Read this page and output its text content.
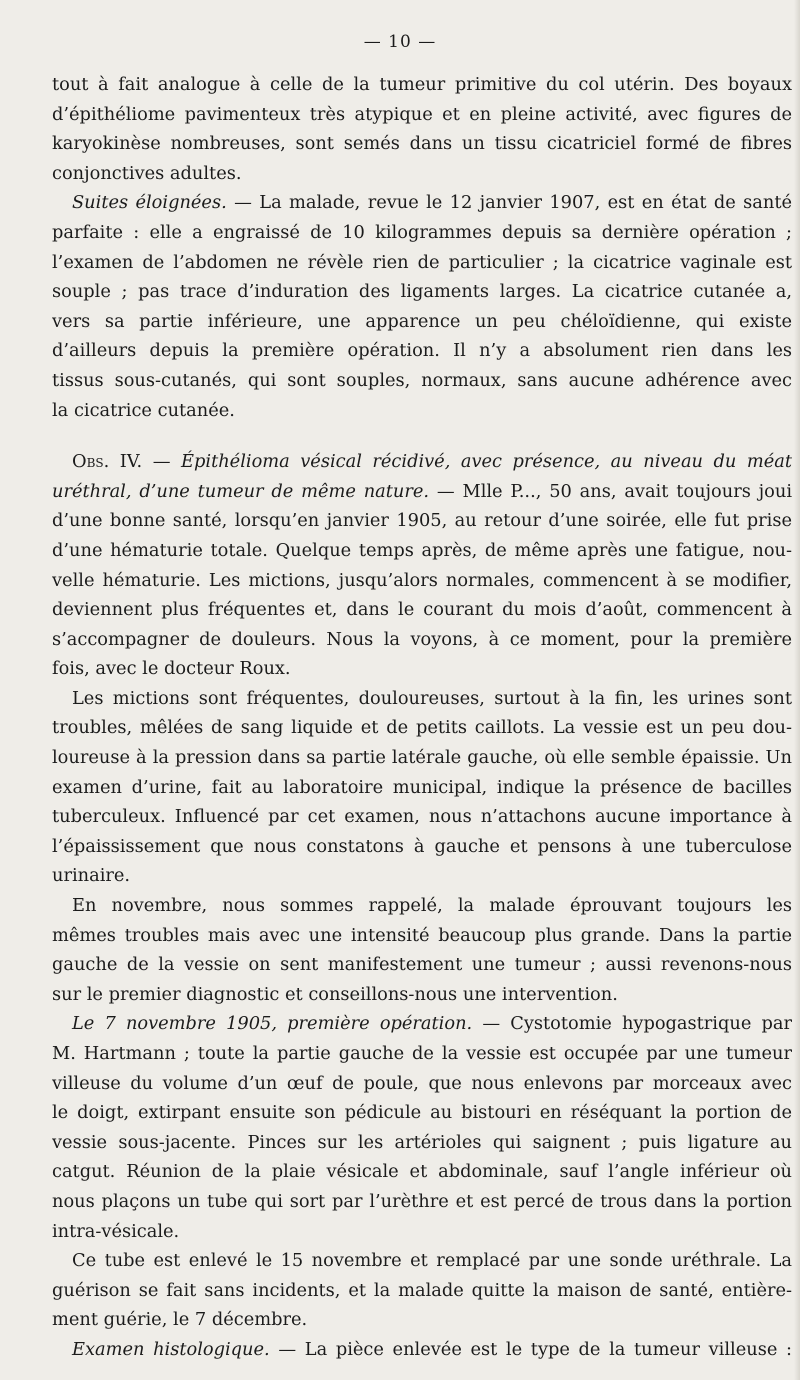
— 10 —
tout à fait analogue à celle de la tumeur primitive du col utérin. Des boyaux
d’épithéliome pavimenteux très atypique et en pleine activité, avec figures de
karyokinèse nombreuses, sont semés dans un tissu cicatriciel formé de fibres
conjonctives adultes.
Suites éloignées. — La malade, revue le 12 janvier 1907, est en état de santé
parfaite : elle a engraissé de 10 kilogrammes depuis sa dernière opération ;
l’examen de l’abdomen ne révèle rien de particulier ; la cicatrice vaginale est
souple ; pas trace d’induration des ligaments larges. La cicatrice cutanée a,
vers sa partie inférieure, une apparence un peu chéloïdienne, qui existe
d’ailleurs depuis la première opération. Il n’y a absolument rien dans les
tissus sous-cutanés, qui sont souples, normaux, sans aucune adhérence avec
la cicatrice cutanée.
Obs. IV. — Épithélioma vésical récidivé, avec présence, au niveau du méat
uréthral, d’une tumeur de même nature. — Mlle P..., 50 ans, avait toujours joui
d’une bonne santé, lorsqu’en janvier 1905, au retour d’une soirée, elle fut prise
d’une hématurie totale. Quelque temps après, de même après une fatigue, nou-
velle hématurie. Les mictions, jusqu’alors normales, commencent à se modifier,
deviennent plus fréquentes et, dans le courant du mois d’août, commencent à
s’accompagner de douleurs. Nous la voyons, à ce moment, pour la première
fois, avec le docteur Roux.
Les mictions sont fréquentes, douloureuses, surtout à la fin, les urines sont
troubles, mêlées de sang liquide et de petits caillots. La vessie est un peu dou-
loureuse à la pression dans sa partie latérale gauche, où elle semble épaissie. Un
examen d’urine, fait au laboratoire municipal, indique la présence de bacilles
tuberculeux. Influencé par cet examen, nous n’attachons aucune importance à
l’épaississement que nous constatons à gauche et pensons à une tuberculose
urinaire.
En novembre, nous sommes rappelé, la malade éprouvant toujours les
mêmes troubles mais avec une intensité beaucoup plus grande. Dans la partie
gauche de la vessie on sent manifestement une tumeur ; aussi revenons-nous
sur le premier diagnostic et conseillons-nous une intervention.
Le 7 novembre 1905, première opération. — Cystotomie hypogastrique par
M. Hartmann ; toute la partie gauche de la vessie est occupée par une tumeur
villeuse du volume d’un œuf de poule, que nous enlevons par morceaux avec
le doigt, extirpant ensuite son pédicule au bistouri en réséquant la portion de
vessie sous-jacente. Pinces sur les artérioles qui saignent ; puis ligature au
catgut. Réunion de la plaie vésicale et abdominale, sauf l’angle inférieur où
nous plaçons un tube qui sort par l’urèthre et est percé de trous dans la portion
intra-vésicale.
Ce tube est enlevé le 15 novembre et remplacé par une sonde uréthrale. La
guérison se fait sans incidents, et la malade quitte la maison de santé, entière-
ment guérie, le 7 décembre.
Examen histologique. — La pièce enlevée est le type de la tumeur villeuse :
